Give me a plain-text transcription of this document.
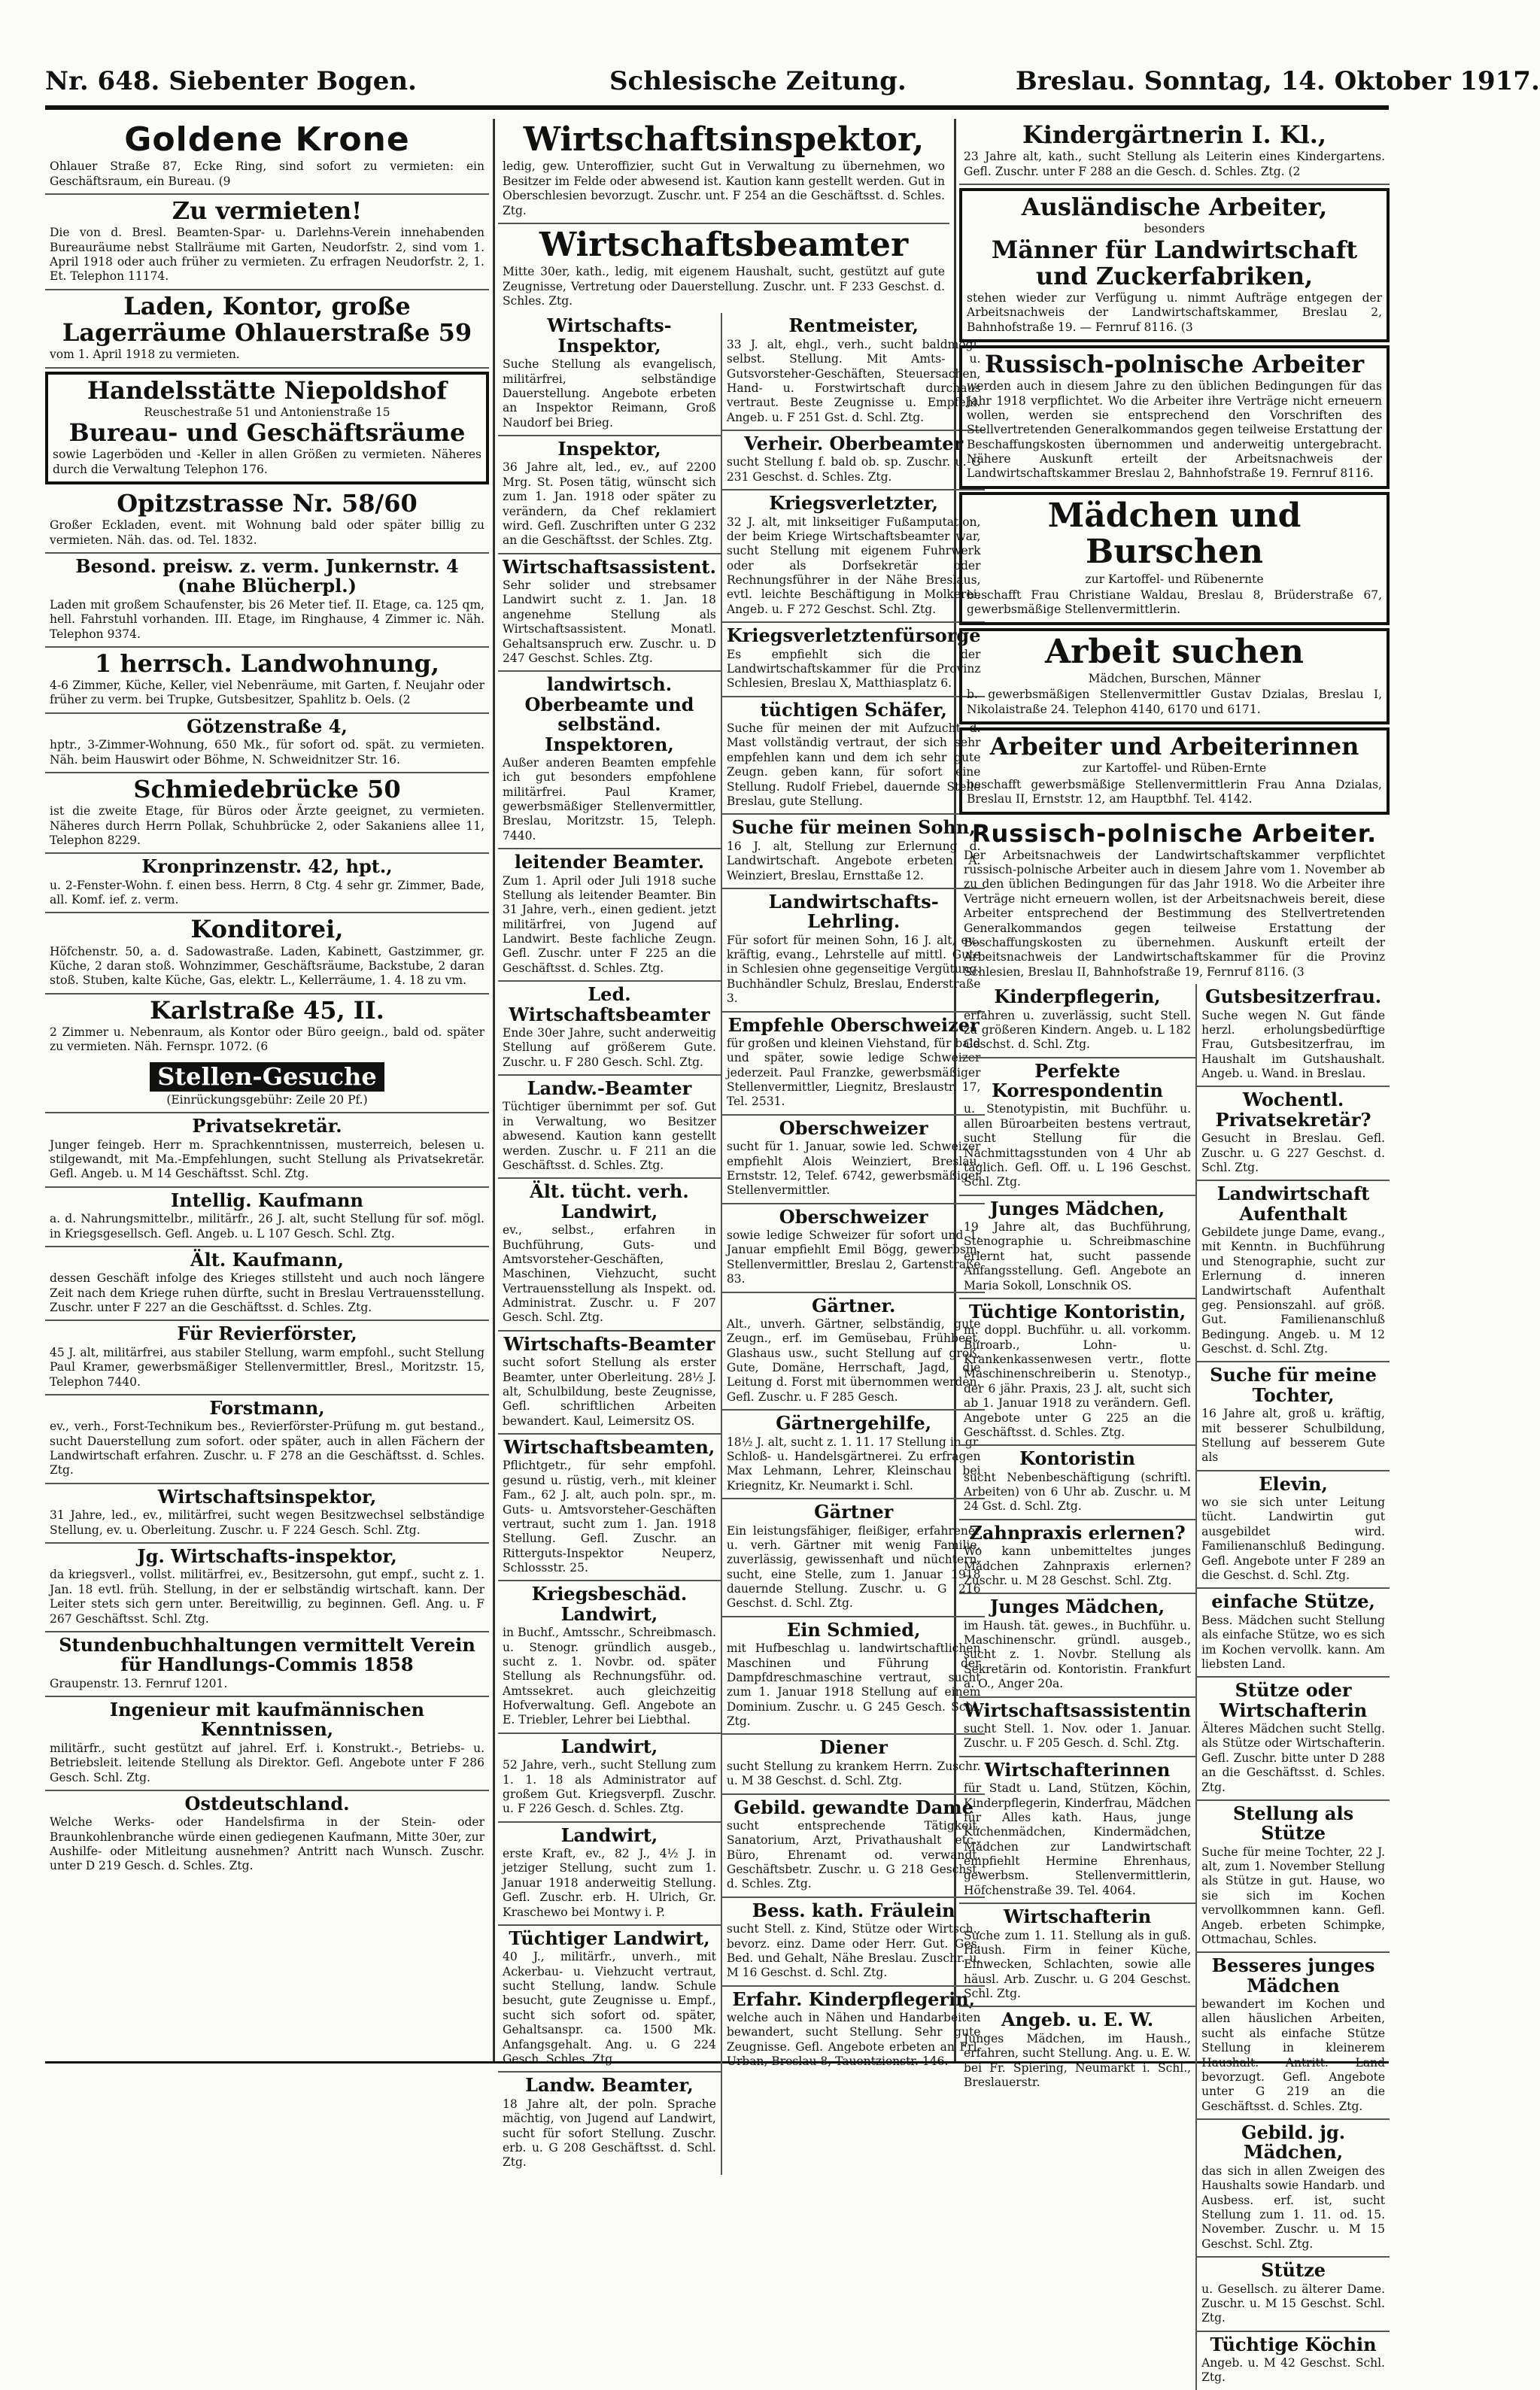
Nr. 648. Siebenter Bogen.	Schlesische Zeitung.	Breslau. Sonntag, 14. Oktober 1917.
Goldene Krone

Ohlauer Straße 87, Ecke Ring, sind sofort zu vermieten: ein Geschäftsraum, ein Bureau. (9

Zu vermieten!

Die von d. Bresl. Beamten-Spar- u. Darlehns-Verein innehabenden Bureauräume nebst Stallräume mit Garten, Neudorfstr. 2, sind vom 1. April 1918 oder auch früher zu vermieten. Zu erfragen Neudorfstr. 2, 1. Et. Telephon 11174.

Laden, Kontor, große Lagerräume Ohlauerstraße 59

vom 1. April 1918 zu vermieten.

Handelsstätte Niepoldshof

Reuschestraße 51 und Antonienstraße 15

Bureau- und Geschäftsräume

sowie Lagerböden und -Keller in allen Größen zu vermieten. Näheres durch die Verwaltung Telephon 176.

Opitzstrasse Nr. 58/60

Großer Eckladen, event. mit Wohnung bald oder später billig zu vermieten. Näh. das. od. Tel. 1832.

Besond. preisw. z. verm. Junkernstr. 4 (nahe Blücherpl.)

Laden mit großem Schaufenster, bis 26 Meter tief. II. Etage, ca. 125 qm, hell. Fahrstuhl vorhanden. III. Etage, im Ringhause, 4 Zimmer ic. Näh. Telephon 9374.

1 herrsch. Landwohnung,

4-6 Zimmer, Küche, Keller, viel Nebenräume, mit Garten, f. Neujahr oder früher zu verm. bei Trupke, Gutsbesitzer, Spahlitz b. Oels. (2

Götzenstraße 4,

hptr., 3-Zimmer-Wohnung, 650 Mk., für sofort od. spät. zu vermieten. Näh. beim Hauswirt oder Böhme, N. Schweidnitzer Str. 16.

Schmiedebrücke 50

ist die zweite Etage, für Büros oder Ärzte geeignet, zu vermieten. Näheres durch Herrn Pollak, Schuhbrücke 2, oder Sakaniens allee 11, Telephon 8229.

Kronprinzenstr. 42, hpt.,

u. 2-Fenster-Wohn. f. einen bess. Herrn, 8 Ctg. 4 sehr gr. Zimmer, Bade, all. Komf. ief. z. verm.

Konditorei,

Höfchenstr. 50, a. d. Sadowastraße. Laden, Kabinett, Gastzimmer, gr. Küche, 2 daran stoß. Wohnzimmer, Geschäftsräume, Backstube, 2 daran stoß. Stuben, kalte Küche, Gas, elektr. L., Kellerräume, 1. 4. 18 zu vm.

Karlstraße 45, II.

2 Zimmer u. Nebenraum, als Kontor oder Büro geeign., bald od. später zu vermieten. Näh. Fernspr. 1072. (6

Stellen-Gesuche

(Einrückungsgebühr: Zeile 20 Pf.)

Privatsekretär.

Junger feingeb. Herr m. Sprachkenntnissen, musterreich, belesen u. stilgewandt, mit Ma.-Empfehlungen, sucht Stellung als Privatsekretär. Gefl. Angeb. u. M 14 Geschäftsst. Schl. Ztg.

Intellig. Kaufmann

a. d. Nahrungsmittelbr., militärfr., 26 J. alt, sucht Stellung für sof. mögl. in Kriegsgesellsch. Gefl. Angeb. u. L 107 Gesch. Schl. Ztg.

Ält. Kaufmann,

dessen Geschäft infolge des Krieges stillsteht und auch noch längere Zeit nach dem Kriege ruhen dürfte, sucht in Breslau Vertrauensstellung. Zuschr. unter F 227 an die Geschäftsst. d. Schles. Ztg.

Für Revierförster,

45 J. alt, militärfrei, aus stabiler Stellung, warm empfohl., sucht Stellung Paul Kramer, gewerbsmäßiger Stellenvermittler, Bresl., Moritzstr. 15, Telephon 7440.

Forstmann,

ev., verh., Forst-Technikum bes., Revierförster-Prüfung m. gut bestand., sucht Dauerstellung zum sofort. oder später, auch in allen Fächern der Landwirtschaft erfahren. Zuschr. u. F 278 an die Geschäftsst. d. Schles. Ztg.

Wirtschaftsinspektor,

31 Jahre, led., ev., militärfrei, sucht wegen Besitzwechsel selbständige Stellung, ev. u. Oberleitung. Zuschr. u. F 224 Gesch. Schl. Ztg.

Jg. Wirtschafts-inspektor,

da kriegsverl., vollst. militärfrei, ev., Besitzersohn, gut empf., sucht z. 1. Jan. 18 evtl. früh. Stellung, in der er selbständig wirtschaft. kann. Der Leiter stets sich gern unter. Bereitwillig, zu beginnen. Gefl. Ang. u. F 267 Geschäftsst. Schl. Ztg.

Stundenbuchhaltungen vermittelt Verein für Handlungs-Commis 1858

Graupenstr. 13. Fernruf 1201.

Ingenieur mit kaufmännischen Kenntnissen,

militärfr., sucht gestützt auf jahrel. Erf. i. Konstrukt.-, Betriebs- u. Betriebsleit. leitende Stellung als Direktor. Gefl. Angebote unter F 286 Gesch. Schl. Ztg.

Ostdeutschland.

Welche Werks- oder Handelsfirma in der Stein- oder Braunkohlenbranche würde einen gediegenen Kaufmann, Mitte 30er, zur Aushilfe- oder Mitleitung ausnehmen? Antritt nach Wunsch. Zuschr. unter D 219 Gesch. d. Schles. Ztg.

Wirtschaftsinspektor,

ledig, gew. Unteroffizier, sucht Gut in Verwaltung zu übernehmen, wo Besitzer im Felde oder abwesend ist. Kaution kann gestellt werden. Gut in Oberschlesien bevorzugt. Zuschr. unt. F 254 an die Geschäftsst. d. Schles. Ztg.

Wirtschaftsbeamter

Mitte 30er, kath., ledig, mit eigenem Haushalt, sucht, gestützt auf gute Zeugnisse, Vertretung oder Dauerstellung. Zuschr. unt. F 233 Geschst. d. Schles. Ztg.

Wirtschafts-Inspektor,

Suche Stellung als evangelisch, militärfrei, selbständige Dauerstellung. Angebote erbeten an Inspektor Reimann, Groß Naudorf bei Brieg.

Inspektor,

36 Jahre alt, led., ev., auf 2200 Mrg. St. Posen tätig, wünscht sich zum 1. Jan. 1918 oder später zu verändern, da Chef reklamiert wird. Gefl. Zuschriften unter G 232 an die Geschäftsst. der Schles. Ztg.

Wirtschaftsassistent.

Sehr solider und strebsamer Landwirt sucht z. 1. Jan. 18 angenehme Stellung als Wirtschaftsassistent. Monatl. Gehaltsanspruch erw. Zuschr. u. D 247 Geschst. Schles. Ztg.

landwirtsch. Oberbeamte und selbständ. Inspektoren,

Außer anderen Beamten empfehle ich gut besonders empfohlene militärfrei. Paul Kramer, gewerbsmäßiger Stellenvermittler, Breslau, Moritzstr. 15, Teleph. 7440.

leitender Beamter.

Zum 1. April oder Juli 1918 suche Stellung als leitender Beamter. Bin 31 Jahre, verh., einen gedient. jetzt militärfrei, von Jugend auf Landwirt. Beste fachliche Zeugn. Gefl. Zuschr. unter F 225 an die Geschäftsst. d. Schles. Ztg.

Led. Wirtschaftsbeamter

Ende 30er Jahre, sucht anderweitig Stellung auf größerem Gute. Zuschr. u. F 280 Gesch. Schl. Ztg.

Landw.-Beamter

Tüchtiger übernimmt per sof. Gut in Verwaltung, wo Besitzer abwesend. Kaution kann gestellt werden. Zuschr. u. F 211 an die Geschäftsst. d. Schles. Ztg.

Ält. tücht. verh. Landwirt,

ev., selbst., erfahren in Buchführung, Guts- und Amtsvorsteher-Geschäften, Maschinen, Viehzucht, sucht Vertrauensstellung als Inspekt. od. Administrat. Zuschr. u. F 207 Gesch. Schl. Ztg.

Wirtschafts-Beamter

sucht sofort Stellung als erster Beamter, unter Oberleitung. 28½ J. alt, Schulbildung, beste Zeugnisse, Gefl. schriftlichen Arbeiten bewandert. Kaul, Leimersitz OS.

Wirtschaftsbeamten,

Pflichtgetr., für sehr empfohl. gesund u. rüstig, verh., mit kleiner Fam., 62 J. alt, auch poln. spr., m. Guts- u. Amtsvorsteher-Geschäften vertraut, sucht zum 1. Jan. 1918 Stellung. Gefl. Zuschr. an Ritterguts-Inspektor Neuperz, Schlossstr. 25.

Kriegsbeschäd. Landwirt,

in Buchf., Amtsschr., Schreibmasch. u. Stenogr. gründlich ausgeb., sucht z. 1. Novbr. od. später Stellung als Rechnungsführ. od. Amtssekret. auch gleichzeitig Hofverwaltung. Gefl. Angebote an E. Triebler, Lehrer bei Liebthal.

Landwirt,

52 Jahre, verh., sucht Stellung zum 1. 1. 18 als Administrator auf großem Gut. Kriegsverpfl. Zuschr. u. F 226 Gesch. d. Schles. Ztg.

Landwirt,

erste Kraft, ev., 82 J., 4½ J. in jetziger Stellung, sucht zum 1. Januar 1918 anderweitig Stellung. Gefl. Zuschr. erb. H. Ulrich, Gr. Kraschewo bei Montwy i. P.

Tüchtiger Landwirt,

40 J., militärfr., unverh., mit Ackerbau- u. Viehzucht vertraut, sucht Stellung, landw. Schule besucht, gute Zeugnisse u. Empf., sucht sich sofort od. später, Gehaltsanspr. ca. 1500 Mk. Anfangsgehalt. Ang. u. G 224 Gesch. Schles. Ztg.

Landw. Beamter,

18 Jahre alt, der poln. Sprache mächtig, von Jugend auf Landwirt, sucht für sofort Stellung. Zuschr. erb. u. G 208 Geschäftsst. d. Schl. Ztg.

Rentmeister,

33 J. alt, ehgl., verh., sucht baldmögl. selbst. Stellung. Mit Amts- u. Gutsvorsteher-Geschäften, Steuersachen, Hand- u. Forstwirtschaft durchaus vertraut. Beste Zeugnisse u. Empfehl. Angeb. u. F 251 Gst. d. Schl. Ztg.

Verheir. Oberbeamter

sucht Stellung f. bald ob. sp. Zuschr. u. G 231 Geschst. d. Schles. Ztg.

Kriegsverletzter,

32 J. alt, mit linkseitiger Fußamputation, der beim Kriege Wirtschaftsbeamter war, sucht Stellung mit eigenem Fuhrwerk oder als Dorfsekretär oder Rechnungsführer in der Nähe Breslaus, evtl. leichte Beschäftigung in Molkerei. Angeb. u. F 272 Geschst. Schl. Ztg.

Kriegsverletztenfürsorge

Es empfiehlt sich die der Landwirtschaftskammer für die Provinz Schlesien, Breslau X, Matthiasplatz 6.

tüchtigen Schäfer,

Suche für meinen der mit Aufzucht d. Mast vollständig vertraut, der sich sehr empfehlen kann und dem ich sehr gute Zeugn. geben kann, für sofort eine Stellung. Rudolf Friebel, dauernde Stelle Breslau, gute Stellung.

Suche für meinen Sohn,

16 J. alt, Stellung zur Erlernung d. Landwirtschaft. Angebote erbeten A. Weinziert, Breslau, Ernsttaße 12.

Landwirtschafts-Lehrling.

Für sofort für meinen Sohn, 16 J. alt, ev., kräftig, evang., Lehrstelle auf mittl. Gute in Schlesien ohne gegenseitige Vergütung. Buchhändler Schulz, Breslau, Enderstraße 3.

Empfehle Oberschweizer

für großen und kleinen Viehstand, für bald und später, sowie ledige Schweizer jederzeit. Paul Franzke, gewerbsmäßiger Stellenvermittler, Liegnitz, Breslaustr. 17, Tel. 2531.

Oberschweizer

sucht für 1. Januar, sowie led. Schweizer empfiehlt Alois Weinziert, Breslau, Ernststr. 12, Telef. 6742, gewerbsmäßiger Stellenvermittler.

Oberschweizer

sowie ledige Schweizer für sofort und 1. Januar empfiehlt Emil Bögg, gewerbsm. Stellenvermittler, Breslau 2, Gartenstraße 83.

Gärtner.

Alt., unverh. Gärtner, selbständig, gute Zeugn., erf. im Gemüsebau, Frühbeet, Glashaus usw., sucht Stellung auf größ. Gute, Domäne, Herrschaft, Jagd, die Leitung d. Forst mit übernommen werden. Gefl. Zuschr. u. F 285 Gesch.

Gärtnergehilfe,

18½ J. alt, sucht z. 1. 11. 17 Stellung in gr. Schloß- u. Handelsgärtnerei. Zu erfragen Max Lehmann, Lehrer, Kleinschau bei Kriegnitz, Kr. Neumarkt i. Schl.

Gärtner

Ein leistungsfähiger, fleißiger, erfahrener u. verh. Gärtner mit wenig Familie, zuverlässig, gewissenhaft und nüchtern, sucht, eine Stelle, zum 1. Januar 1918 dauernde Stellung. Zuschr. u. G 216 Geschst. d. Schl. Ztg.

Ein Schmied,

mit Hufbeschlag u. landwirtschaftlichen Maschinen und Führung der Dampfdreschmaschine vertraut, sucht zum 1. Januar 1918 Stellung auf einem Dominium. Zuschr. u. G 245 Gesch. Schl. Ztg.

Diener

sucht Stellung zu krankem Herrn. Zuschr. u. M 38 Geschst. d. Schl. Ztg.

Gebild. gewandte Dame

sucht entsprechende Tätigkeit, Sanatorium, Arzt, Privathaushalt etc., Büro, Ehrenamt od. verwandt. Geschäftsbetr. Zuschr. u. G 218 Geschst. d. Schles. Ztg.

Bess. kath. Fräulein

sucht Stell. z. Kind, Stütze oder Wirtsch., bevorz. einz. Dame oder Herr. Gut. Ges. Bed. und Gehalt, Nähe Breslau. Zuschr. u. M 16 Geschst. d. Schl. Ztg.

Erfahr. Kinderpflegerin,

welche auch in Nähen und Handarbeiten bewandert, sucht Stellung. Sehr gute Zeugnisse. Gefl. Angebote erbeten an Frl. Urban, Breslau 8, Tauentzienstr. 146.

Kindergärtnerin I. Kl.,

23 Jahre alt, kath., sucht Stellung als Leiterin eines Kindergartens. Gefl. Zuschr. unter F 288 an die Gesch. d. Schles. Ztg. (2

Ausländische Arbeiter,

besonders

Männer für Landwirtschaft und Zuckerfabriken,

stehen wieder zur Verfügung u. nimmt Aufträge entgegen der Arbeitsnachweis der Landwirtschaftskammer, Breslau 2, Bahnhofstraße 19. — Fernruf 8116. (3

Russisch-polnische Arbeiter

werden auch in diesem Jahre zu den üblichen Bedingungen für das Jahr 1918 verpflichtet. Wo die Arbeiter ihre Verträge nicht erneuern wollen, werden sie entsprechend den Vorschriften des Stellvertretenden Generalkommandos gegen teilweise Erstattung der Beschaffungskosten übernommen und anderweitig untergebracht. Nähere Auskunft erteilt der Arbeitsnachweis der Landwirtschaftskammer Breslau 2, Bahnhofstraße 19. Fernruf 8116.

Mädchen und Burschen

zur Kartoffel- und Rübenernte

beschafft Frau Christiane Waldau, Breslau 8, Brüderstraße 67, gewerbsmäßige Stellenvermittlerin.

Arbeit suchen

Mädchen, Burschen, Männer

b. gewerbsmäßigen Stellenvermittler Gustav Dzialas, Breslau I, Nikolaistraße 24. Telephon 4140, 6170 und 6171.

Arbeiter und Arbeiterinnen

zur Kartoffel- und Rüben-Ernte

beschafft gewerbsmäßige Stellenvermittlerin Frau Anna Dzialas, Breslau II, Ernststr. 12, am Hauptbhf. Tel. 4142.

Russisch-polnische Arbeiter.

Der Arbeitsnachweis der Landwirtschaftskammer verpflichtet russisch-polnische Arbeiter auch in diesem Jahre vom 1. November ab zu den üblichen Bedingungen für das Jahr 1918. Wo die Arbeiter ihre Verträge nicht erneuern wollen, ist der Arbeitsnachweis bereit, diese Arbeiter entsprechend der Bestimmung des Stellvertretenden Generalkommandos gegen teilweise Erstattung der Beschaffungskosten zu übernehmen. Auskunft erteilt der Arbeitsnachweis der Landwirtschaftskammer für die Provinz Schlesien, Breslau II, Bahnhofstraße 19, Fernruf 8116. (3

Kinderpflegerin,

erfahren u. zuverlässig, sucht Stell. zu größeren Kindern. Angeb. u. L 182 Geschst. d. Schl. Ztg.

Perfekte Korrespondentin

u. Stenotypistin, mit Buchführ. u. allen Büroarbeiten bestens vertraut, sucht Stellung für die Nachmittagsstunden von 4 Uhr ab täglich. Gefl. Off. u. L 196 Geschst. Schl. Ztg.

Junges Mädchen,

19 Jahre alt, das Buchführung, Stenographie u. Schreibmaschine erlernt hat, sucht passende Anfangsstellung. Gefl. Angebote an Maria Sokoll, Lonschnik OS.

Tüchtige Kontoristin,

m. doppl. Buchführ. u. all. vorkomm. Büroarb., Lohn- u. Krankenkassenwesen vertr., flotte Maschinenschreiberin u. Stenotyp., der 6 jähr. Praxis, 23 J. alt, sucht sich ab 1. Januar 1918 zu verändern. Gefl. Angebote unter G 225 an die Geschäftsst. d. Schles. Ztg.

Kontoristin

sucht Nebenbeschäftigung (schriftl. Arbeiten) von 6 Uhr ab. Zuschr. u. M 24 Gst. d. Schl. Ztg.

Zahnpraxis erlernen?

Wo kann unbemitteltes junges Mädchen Zahnpraxis erlernen? Zuschr. u. M 28 Geschst. Schl. Ztg.

Junges Mädchen,

im Haush. tät. gewes., in Buchführ. u. Maschinenschr. gründl. ausgeb., sucht z. 1. Novbr. Stellung als Sekretärin od. Kontoristin. Frankfurt a. O., Anger 20a.

Wirtschaftsassistentin

sucht Stell. 1. Nov. oder 1. Januar. Zuschr. u. F 205 Gesch. d. Schl. Ztg.

Wirtschafterinnen

für Stadt u. Land, Stützen, Köchin, Kinderpflegerin, Kinderfrau, Mädchen für Alles kath. Haus, junge Küchenmädchen, Kindermädchen, Mädchen zur Landwirtschaft empfiehlt Hermine Ehrenhaus, gewerbsm. Stellenvermittlerin, Höfchenstraße 39. Tel. 4064.

Wirtschafterin

Suche zum 1. 11. Stellung als in guß. Haush. Firm in feiner Küche, Einwecken, Schlachten, sowie alle häusl. Arb. Zuschr. u. G 204 Geschst. Schl. Ztg.

Angeb. u. E. W.

Junges Mädchen, im Haush., erfahren, sucht Stellung. Ang. u. E. W. bei Fr. Spiering, Neumarkt i. Schl., Breslauerstr.

Gutsbesitzerfrau.

Suche wegen N. Gut fände herzl. erholungsbedürftige Frau, Gutsbesitzerfrau, im Haushalt im Gutshaushalt. Angeb. u. Wand. in Breslau.

Wochentl. Privatsekretär?

Gesucht in Breslau. Gefl. Zuschr. u. G 227 Geschst. d. Schl. Ztg.

Landwirtschaft Aufenthalt

Gebildete junge Dame, evang., mit Kenntn. in Buchführung und Stenographie, sucht zur Erlernung d. inneren Landwirtschaft Aufenthalt geg. Pensionszahl. auf größ. Gut. Familienanschluß Bedingung. Angeb. u. M 12 Geschst. d. Schl. Ztg.

Suche für meine Tochter,

16 Jahre alt, groß u. kräftig, mit besserer Schulbildung, Stellung auf besserem Gute als

Elevin,

wo sie sich unter Leitung tücht. Landwirtin gut ausgebildet wird. Familienanschluß Bedingung. Gefl. Angebote unter F 289 an die Geschst. d. Schl. Ztg.

einfache Stütze,

Bess. Mädchen sucht Stellung als einfache Stütze, wo es sich im Kochen vervollk. kann. Am liebsten Land.

Stütze oder Wirtschafterin

Älteres Mädchen sucht Stellg. als Stütze oder Wirtschafterin. Gefl. Zuschr. bitte unter D 288 an die Geschäftsst. d. Schles. Ztg.

Stellung als Stütze

Suche für meine Tochter, 22 J. alt, zum 1. November Stellung als Stütze in gut. Hause, wo sie sich im Kochen vervollkommnen kann. Gefl. Angeb. erbeten Schimpke, Ottmachau, Schles.

Besseres junges Mädchen

bewandert im Kochen und allen häuslichen Arbeiten, sucht als einfache Stütze Stellung in kleinerem Haushalt. Antritt. Land bevorzugt. Gefl. Angebote unter G 219 an die Geschäftsst. d. Schles. Ztg.

Gebild. jg. Mädchen,

das sich in allen Zweigen des Haushalts sowie Handarb. und Ausbess. erf. ist, sucht Stellung zum 1. 11. od. 15. November. Zuschr. u. M 15 Geschst. Schl. Ztg.

Stütze

u. Gesellsch. zu älterer Dame. Zuschr. u. M 15 Geschst. Schl. Ztg.

Tüchtige Köchin

Angeb. u. M 42 Geschst. Schl. Ztg.
